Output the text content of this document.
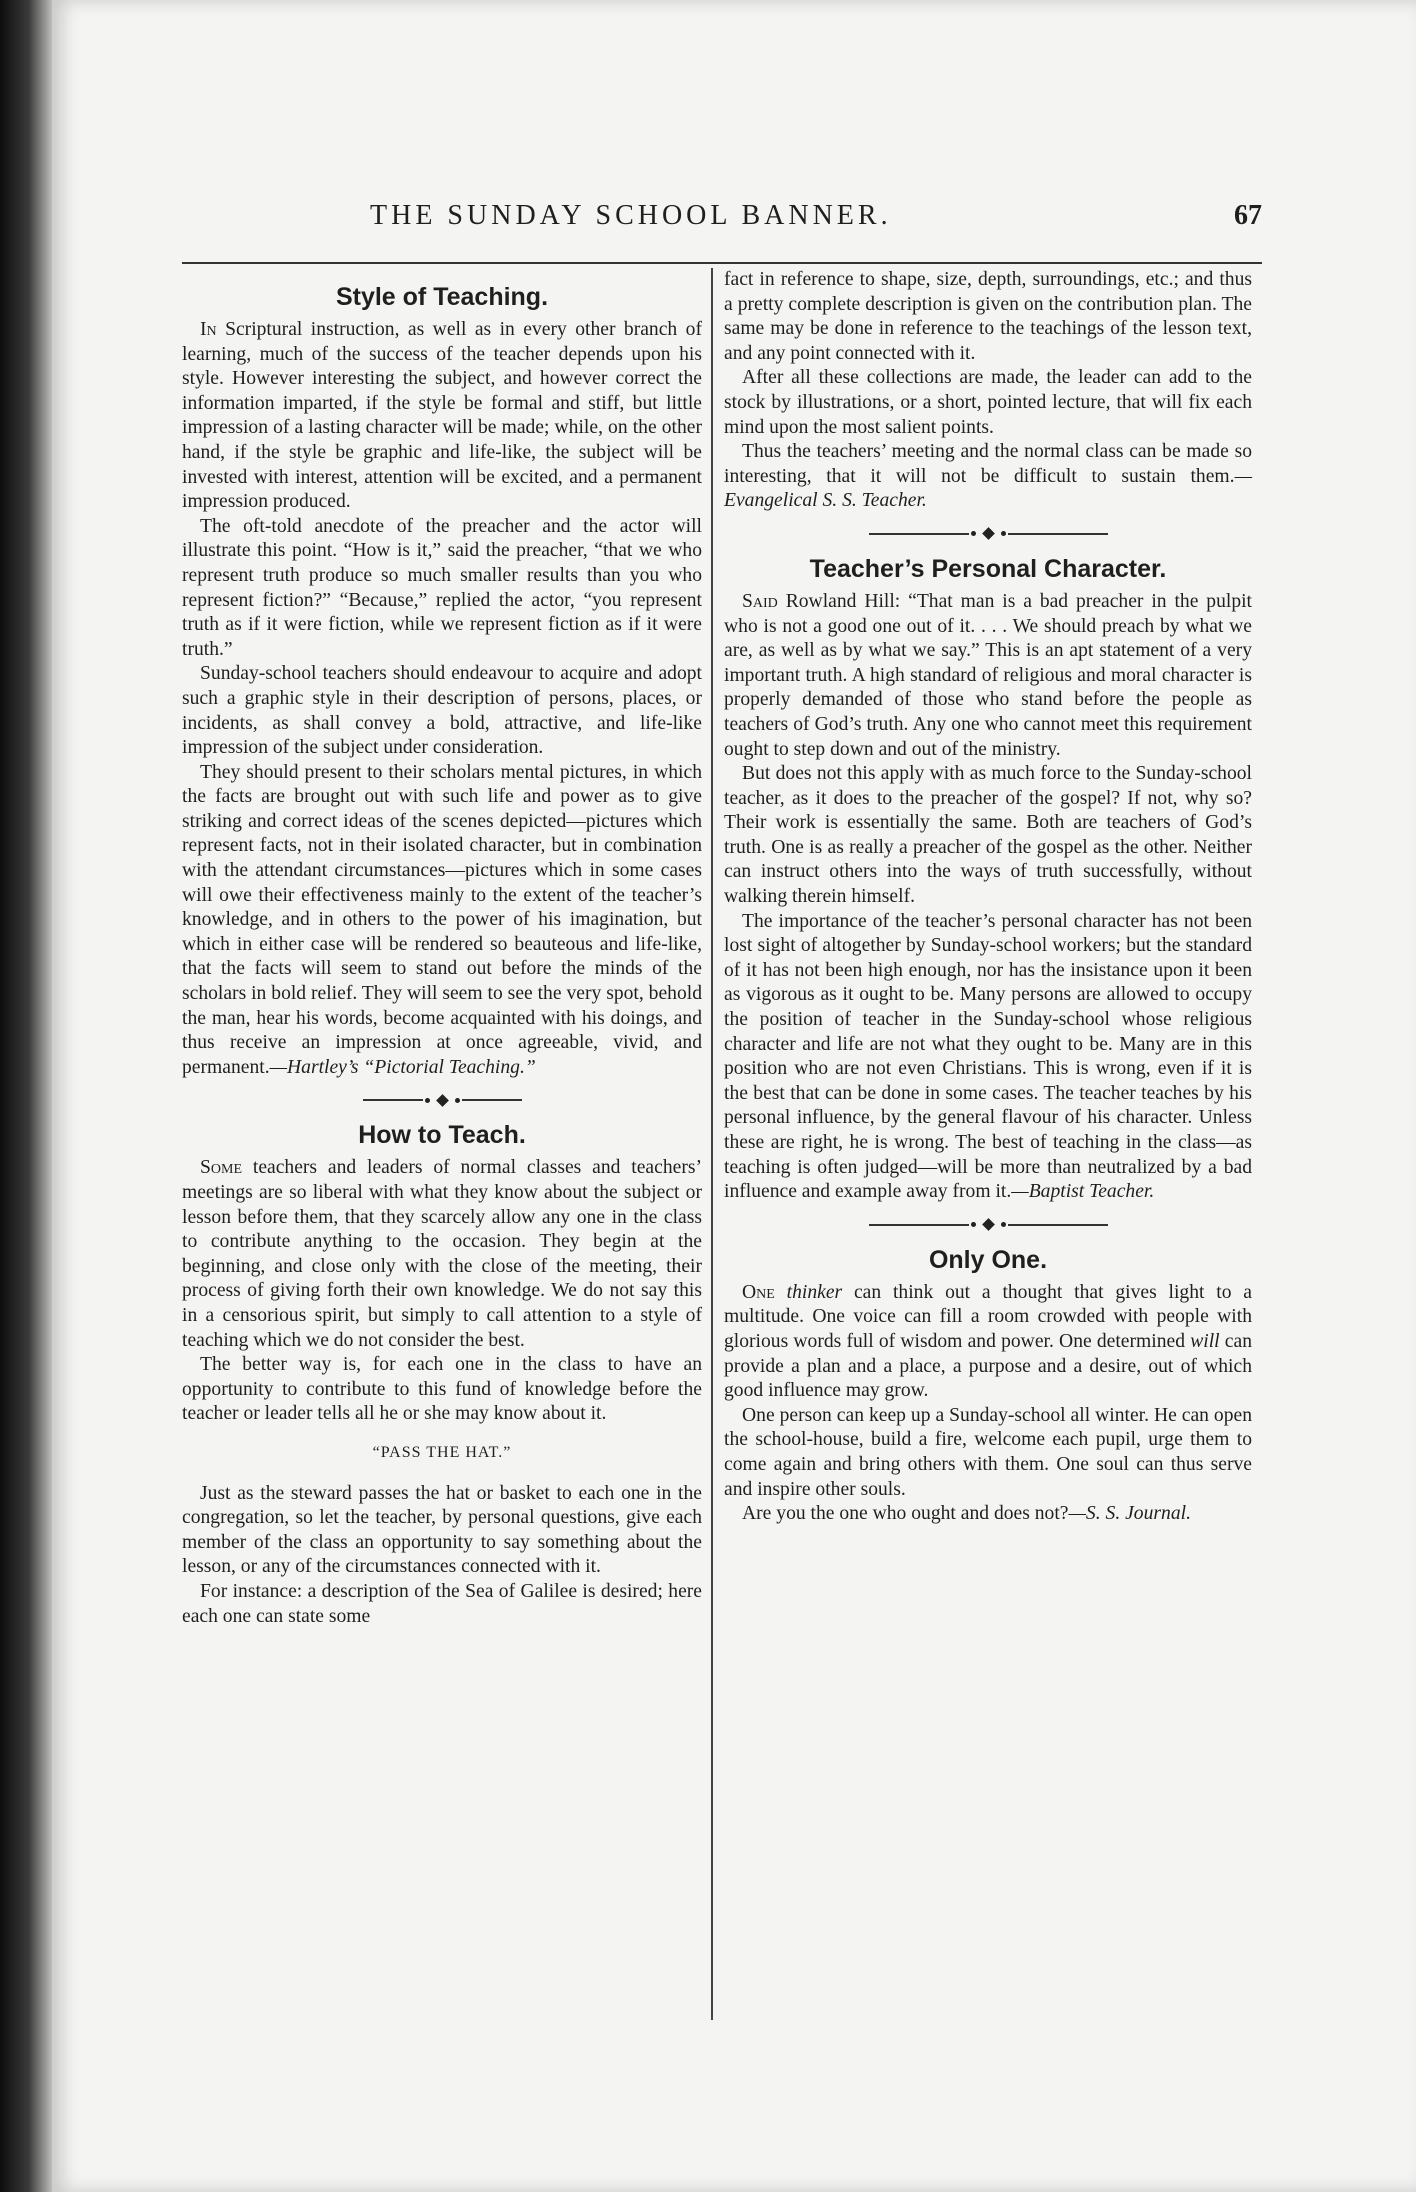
THE SUNDAY SCHOOL BANNER.	67
Style of Teaching.

In Scriptural instruction, as well as in every other branch of learning, much of the success of the teacher depends upon his style. However interesting the subject, and however correct the information imparted, if the style be formal and stiff, but little impression of a lasting character will be made; while, on the other hand, if the style be graphic and life-like, the subject will be invested with interest, attention will be excited, and a permanent impression produced.

The oft-told anecdote of the preacher and the actor will illustrate this point. “How is it,” said the preacher, “that we who represent truth produce so much smaller results than you who represent fiction?” “Because,” replied the actor, “you represent truth as if it were fiction, while we represent fiction as if it were truth.”

Sunday-school teachers should endeavour to acquire and adopt such a graphic style in their description of persons, places, or incidents, as shall convey a bold, attractive, and life-like impression of the subject under consideration.

They should present to their scholars mental pictures, in which the facts are brought out with such life and power as to give striking and correct ideas of the scenes depicted—pictures which represent facts, not in their isolated character, but in combination with the attendant circumstances—pictures which in some cases will owe their effectiveness mainly to the extent of the teacher’s knowledge, and in others to the power of his imagination, but which in either case will be rendered so beauteous and life-like, that the facts will seem to stand out before the minds of the scholars in bold relief. They will seem to see the very spot, behold the man, hear his words, become acquainted with his doings, and thus receive an impression at once agreeable, vivid, and permanent.—Hartley’s “Pictorial Teaching.”

How to Teach.

Some teachers and leaders of normal classes and teachers’ meetings are so liberal with what they know about the subject or lesson before them, that they scarcely allow any one in the class to contribute anything to the occasion. They begin at the beginning, and close only with the close of the meeting, their process of giving forth their own knowledge. We do not say this in a censorious spirit, but simply to call attention to a style of teaching which we do not consider the best.

The better way is, for each one in the class to have an opportunity to contribute to this fund of knowledge before the teacher or leader tells all he or she may know about it.

“PASS THE HAT.”

Just as the steward passes the hat or basket to each one in the congregation, so let the teacher, by personal questions, give each member of the class an opportunity to say something about the lesson, or any of the circumstances connected with it.

For instance: a description of the Sea of Galilee is desired; here each one can state some

fact in reference to shape, size, depth, surroundings, etc.; and thus a pretty complete description is given on the contribution plan. The same may be done in reference to the teachings of the lesson text, and any point connected with it.

After all these collections are made, the leader can add to the stock by illustrations, or a short, pointed lecture, that will fix each mind upon the most salient points.

Thus the teachers’ meeting and the normal class can be made so interesting, that it will not be difficult to sustain them.—Evangelical S. S. Teacher.

Teacher’s Personal Character.

Said Rowland Hill: “That man is a bad preacher in the pulpit who is not a good one out of it. . . . We should preach by what we are, as well as by what we say.” This is an apt statement of a very important truth. A high standard of religious and moral character is properly demanded of those who stand before the people as teachers of God’s truth. Any one who cannot meet this requirement ought to step down and out of the ministry.

But does not this apply with as much force to the Sunday-school teacher, as it does to the preacher of the gospel? If not, why so? Their work is essentially the same. Both are teachers of God’s truth. One is as really a preacher of the gospel as the other. Neither can instruct others into the ways of truth successfully, without walking therein himself.

The importance of the teacher’s personal character has not been lost sight of altogether by Sunday-school workers; but the standard of it has not been high enough, nor has the insistance upon it been as vigorous as it ought to be. Many persons are allowed to occupy the position of teacher in the Sunday-school whose religious character and life are not what they ought to be. Many are in this position who are not even Christians. This is wrong, even if it is the best that can be done in some cases. The teacher teaches by his personal influence, by the general flavour of his character. Unless these are right, he is wrong. The best of teaching in the class—as teaching is often judged—will be more than neutralized by a bad influence and example away from it.—Baptist Teacher.

Only One.

One thinker can think out a thought that gives light to a multitude. One voice can fill a room crowded with people with glorious words full of wisdom and power. One determined will can provide a plan and a place, a purpose and a desire, out of which good influence may grow.

One person can keep up a Sunday-school all winter. He can open the school-house, build a fire, welcome each pupil, urge them to come again and bring others with them. One soul can thus serve and inspire other souls.

Are you the one who ought and does not?—S. S. Journal.
